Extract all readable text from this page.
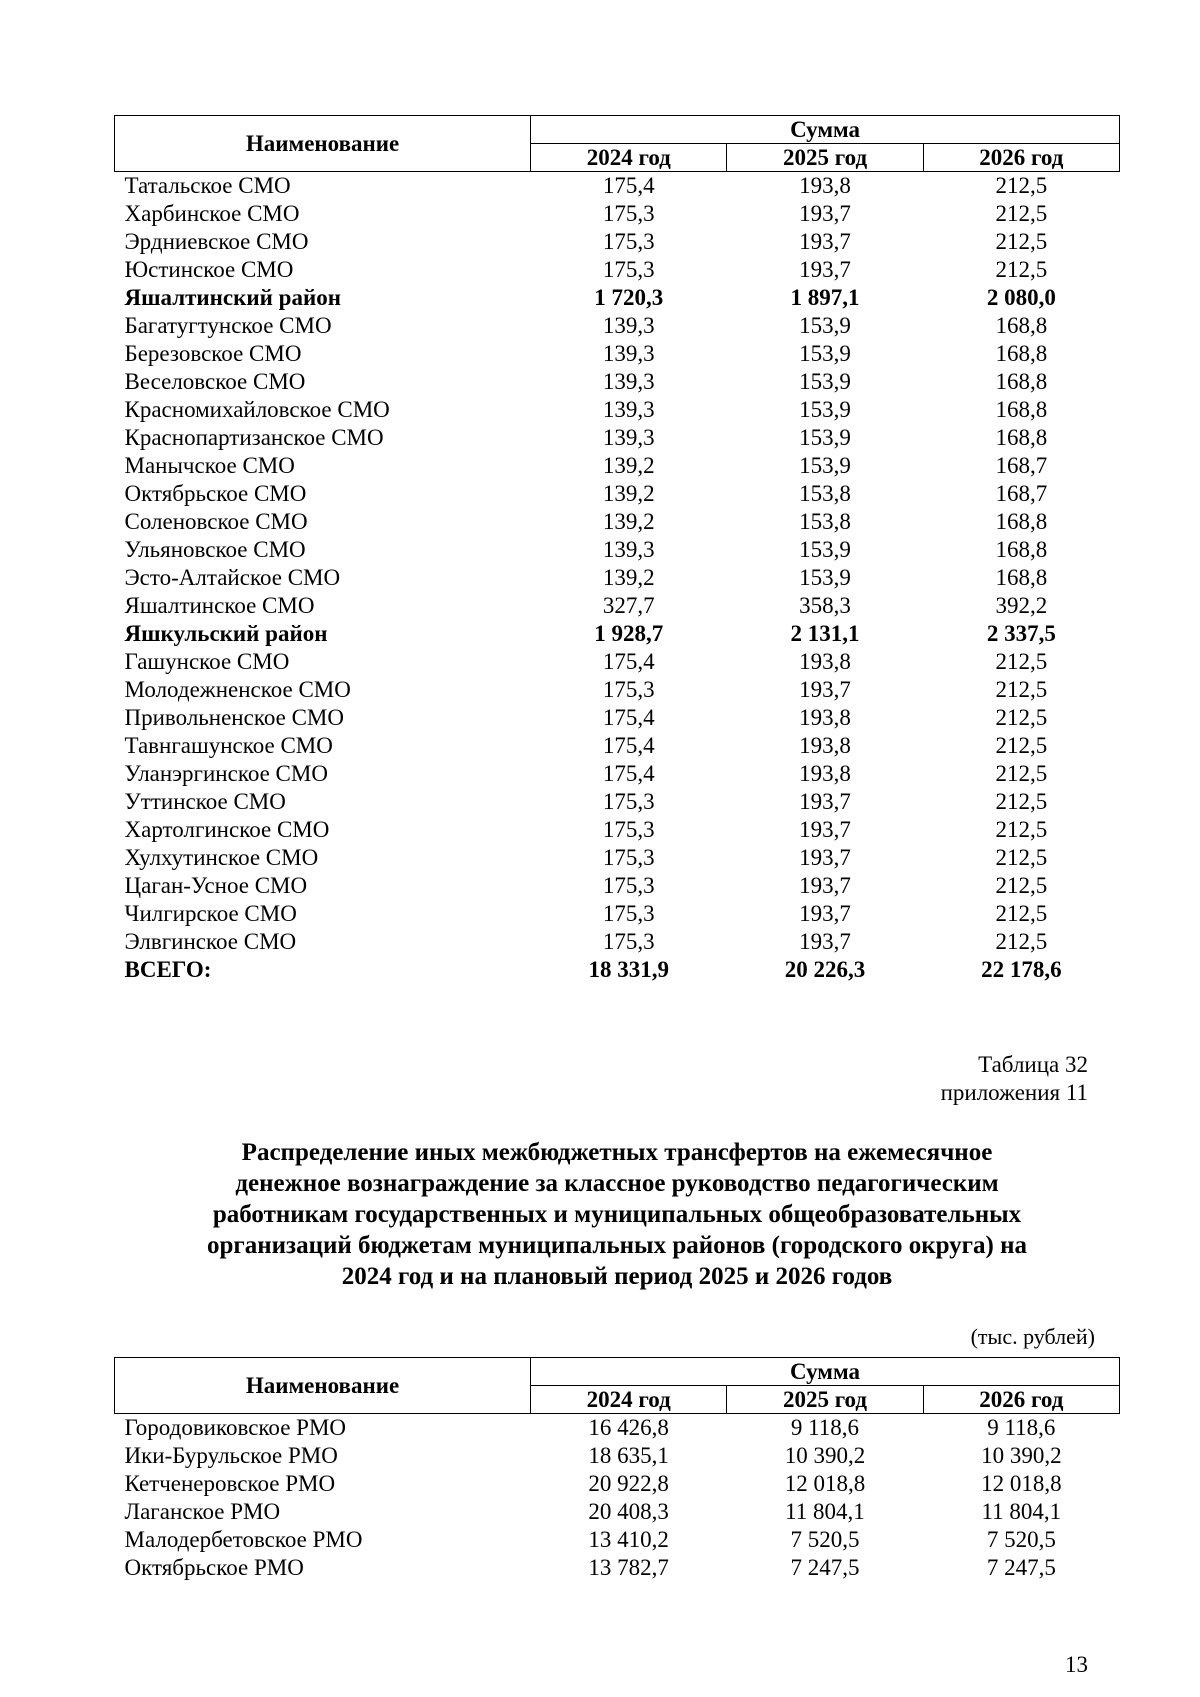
Наименование	Сумма		
	2024 год	2025 год	2026 год
Татальское СМО	175,4	193,8	212,5
Харбинское СМО	175,3	193,7	212,5
Эрдниевское СМО	175,3	193,7	212,5
Юстинское СМО	175,3	193,7	212,5
Яшалтинский район	1 720,3	1 897,1	2 080,0
Багатугтунское СМО	139,3	153,9	168,8
Березовское СМО	139,3	153,9	168,8
Веселовское СМО	139,3	153,9	168,8
Красномихайловское СМО	139,3	153,9	168,8
Краснопартизанское СМО	139,3	153,9	168,8
Манычское СМО	139,2	153,9	168,7
Октябрьское СМО	139,2	153,8	168,7
Соленовское СМО	139,2	153,8	168,8
Ульяновское СМО	139,3	153,9	168,8
Эсто-Алтайское СМО	139,2	153,9	168,8
Яшалтинское СМО	327,7	358,3	392,2
Яшкульский район	1 928,7	2 131,1	2 337,5
Гашунское СМО	175,4	193,8	212,5
Молодежненское СМО	175,3	193,7	212,5
Привольненское СМО	175,4	193,8	212,5
Тавнгашунское СМО	175,4	193,8	212,5
Уланэргинское СМО	175,4	193,8	212,5
Уттинское СМО	175,3	193,7	212,5
Хартолгинское СМО	175,3	193,7	212,5
Хулхутинское СМО	175,3	193,7	212,5
Цаган-Усное СМО	175,3	193,7	212,5
Чилгирское СМО	175,3	193,7	212,5
Элвгинское СМО	175,3	193,7	212,5
ВСЕГО:	18 331,9	20 226,3	22 178,6
Таблица 32
приложения 11
Распределение иных межбюджетных трансфертов на ежемесячное
денежное вознаграждение за классное руководство педагогическим
работникам государственных и муниципальных общеобразовательных
организаций бюджетам муниципальных районов (городского округа) на
2024 год и на плановый период 2025 и 2026 годов
(тыс. рублей)
Наименование	Сумма		
	2024 год	2025 год	2026 год
Городовиковское РМО	16 426,8	9 118,6	9 118,6
Ики-Бурульское РМО	18 635,1	10 390,2	10 390,2
Кетченеровское РМО	20 922,8	12 018,8	12 018,8
Лаганское РМО	20 408,3	11 804,1	11 804,1
Малодербетовское РМО	13 410,2	7 520,5	7 520,5
Октябрьское РМО	13 782,7	7 247,5	7 247,5
13
